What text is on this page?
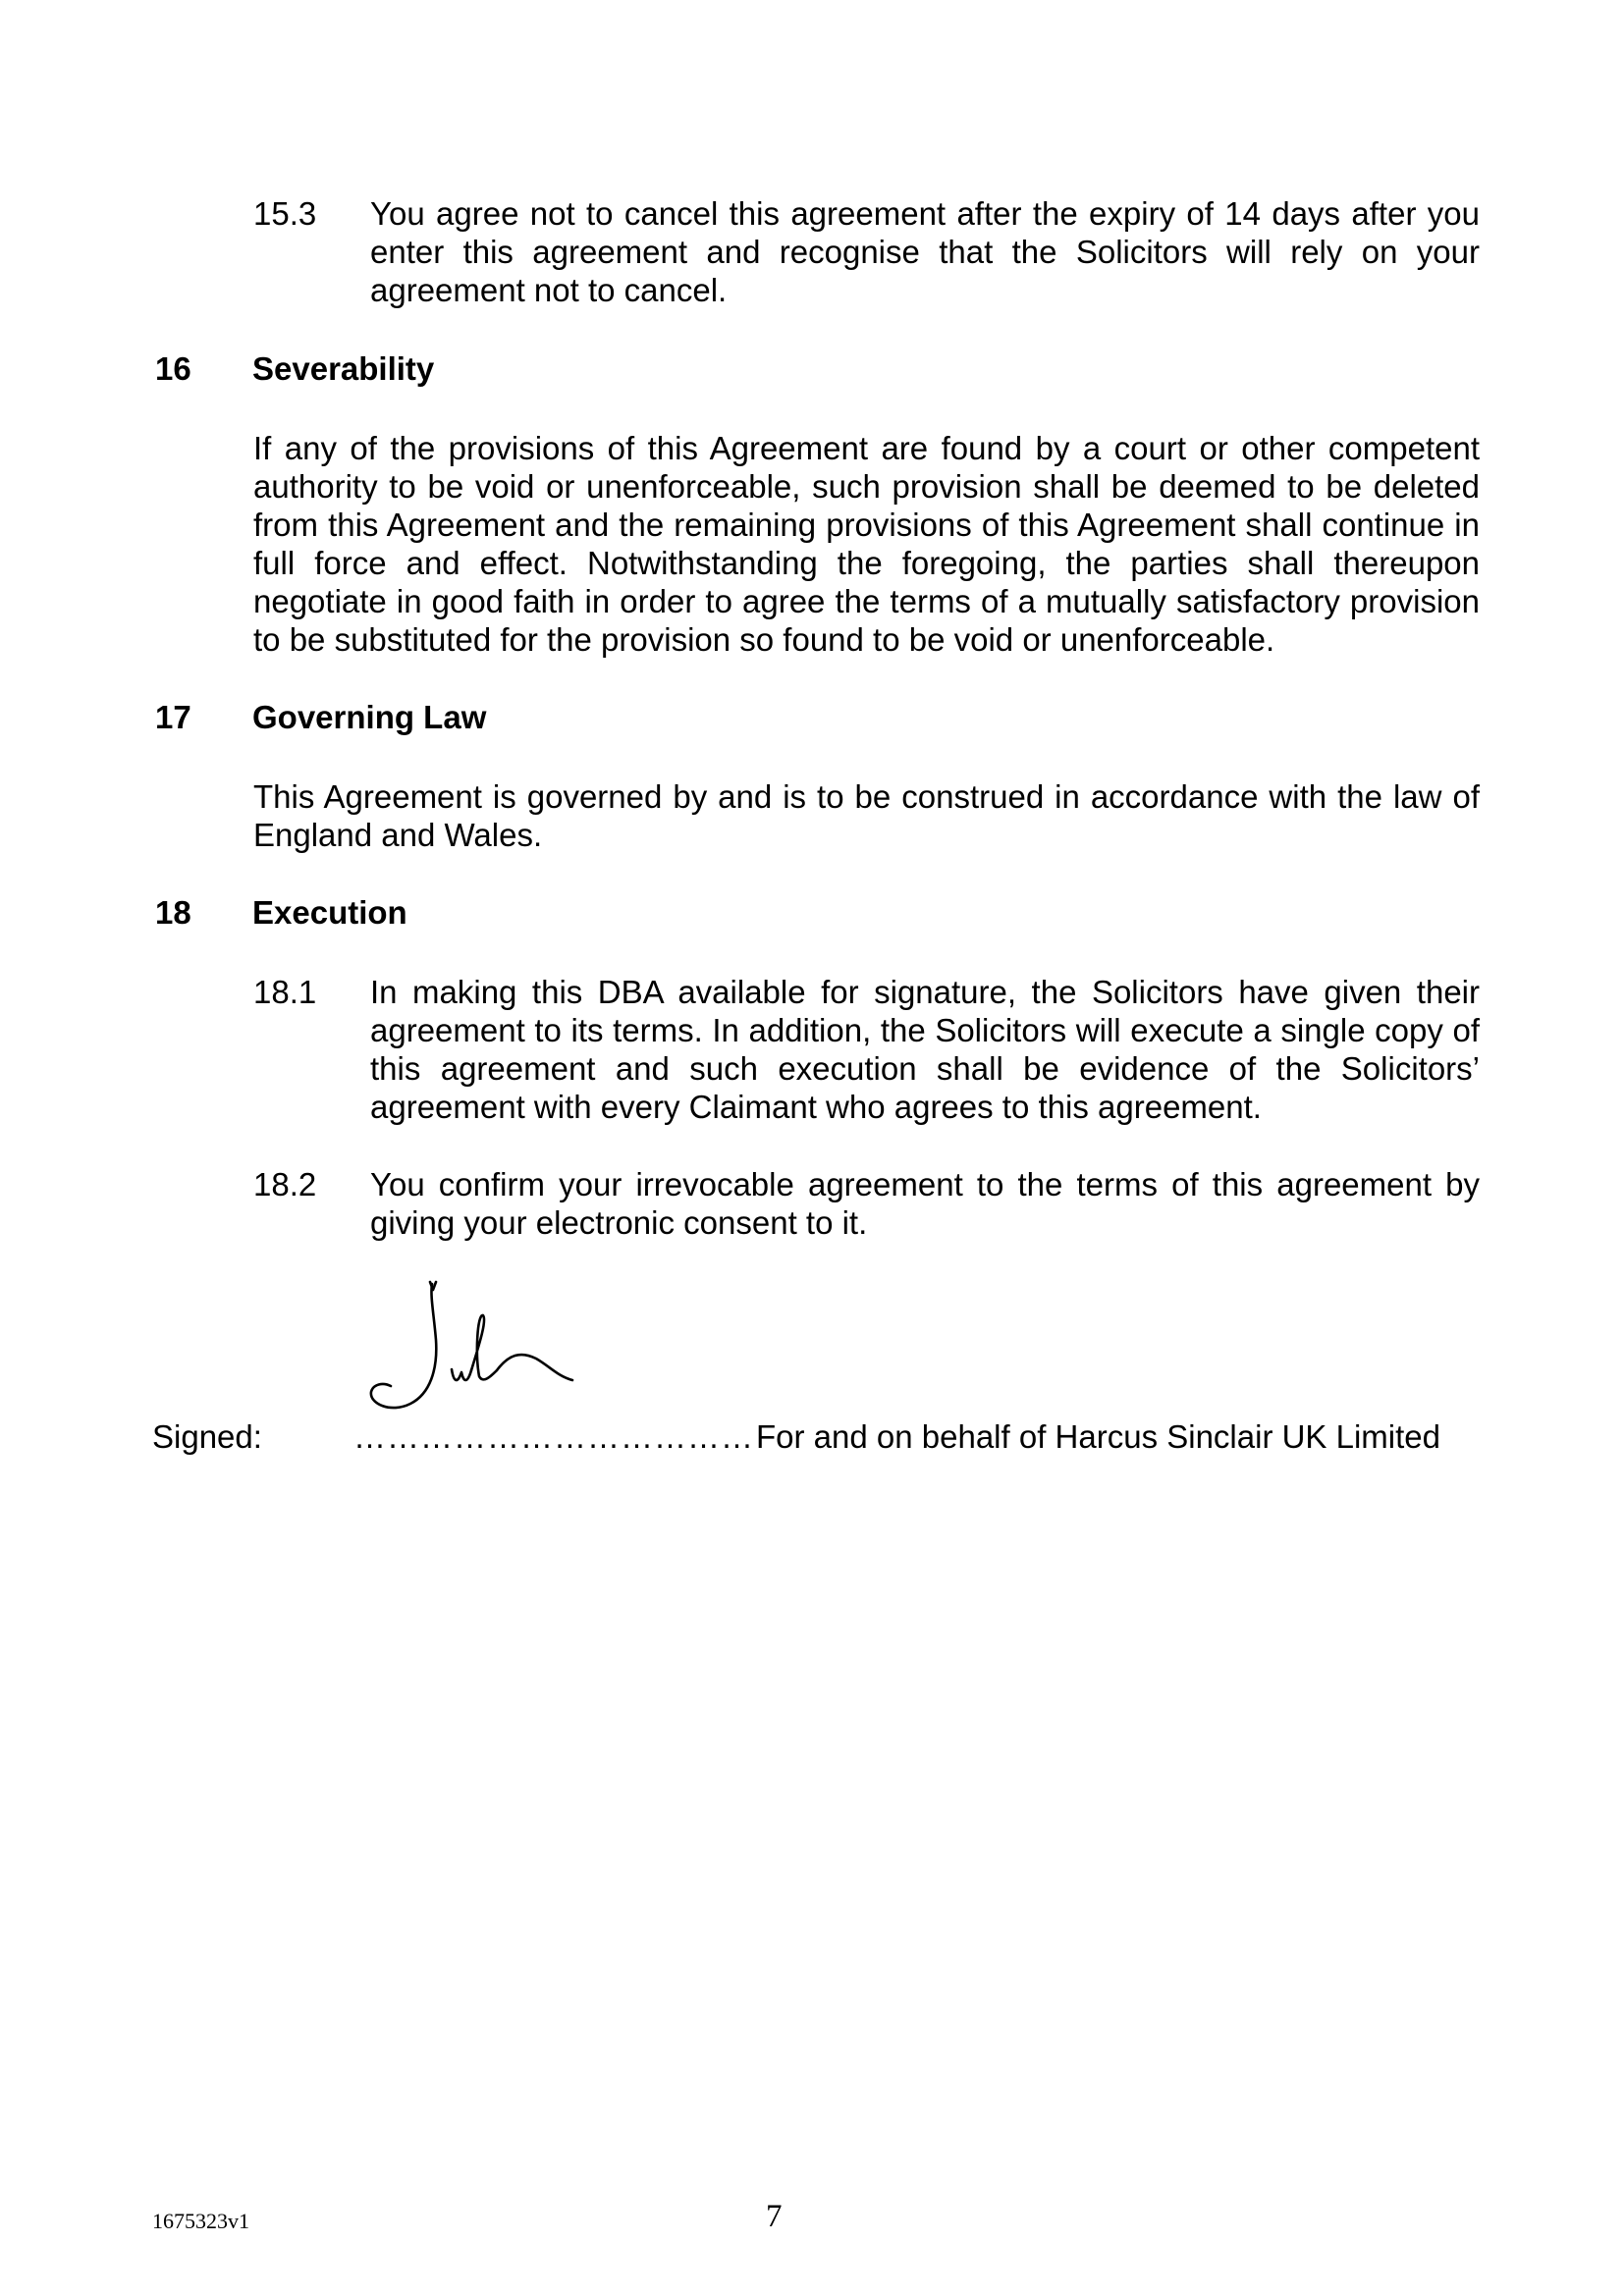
15.3 You agree not to cancel this agreement after the expiry of 14 days after you enter this agreement and recognise that the Solicitors will rely on your agreement not to cancel.
16 Severability
If any of the provisions of this Agreement are found by a court or other competent authority to be void or unenforceable, such provision shall be deemed to be deleted from this Agreement and the remaining provisions of this Agreement shall continue in full force and effect. Notwithstanding the foregoing, the parties shall thereupon negotiate in good faith in order to agree the terms of a mutually satisfactory provision to be substituted for the provision so found to be void or unenforceable.
17 Governing Law
This Agreement is governed by and is to be construed in accordance with the law of England and Wales.
18 Execution
18.1 In making this DBA available for signature, the Solicitors have given their agreement to its terms. In addition, the Solicitors will execute a single copy of this agreement and such execution shall be evidence of the Solicitors’ agreement with every Claimant who agrees to this agreement.
18.2 You confirm your irrevocable agreement to the terms of this agreement by giving your electronic consent to it.
Signed:	……………………………… For and on behalf of Harcus Sinclair UK Limited
1675323v1	7
